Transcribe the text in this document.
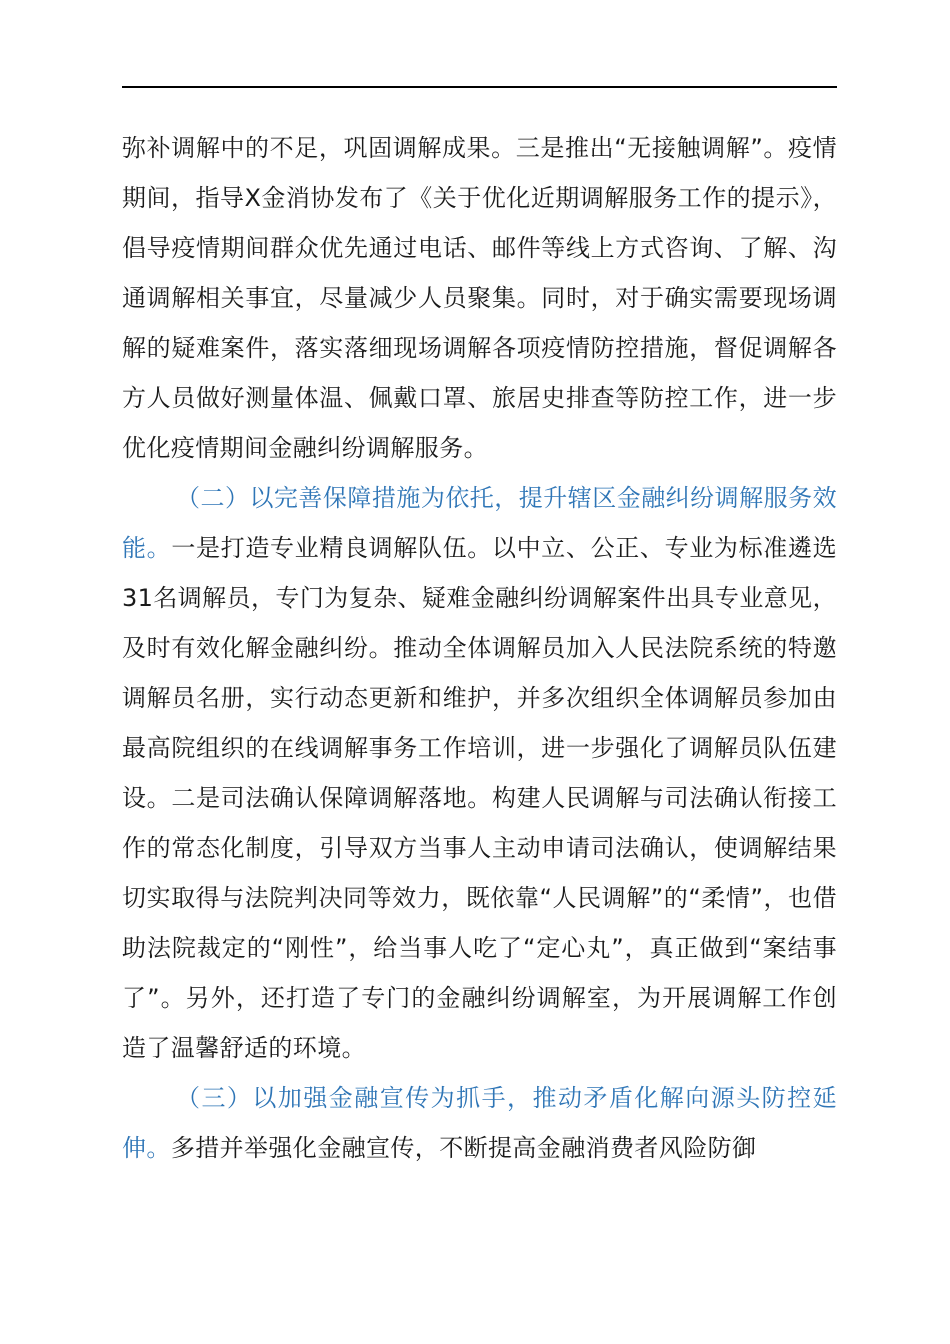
弥补调解中的不足，巩固调解成果。三是推出“无接触调解”。疫情期间，指导X金消协发布了《关于优化近期调解服务工作的提示》，倡导疫情期间群众优先通过电话、邮件等线上方式咨询、了解、沟通调解相关事宜，尽量减少人员聚集。同时，对于确实需要现场调解的疑难案件，落实落细现场调解各项疫情防控措施，督促调解各方人员做好测量体温、佩戴口罩、旅居史排查等防控工作，进一步优化疫情期间金融纠纷调解服务。

（二）以完善保障措施为依托，提升辖区金融纠纷调解服务效能。一是打造专业精良调解队伍。以中立、公正、专业为标准遴选31名调解员，专门为复杂、疑难金融纠纷调解案件出具专业意见，及时有效化解金融纠纷。推动全体调解员加入人民法院系统的特邀调解员名册，实行动态更新和维护，并多次组织全体调解员参加由最高院组织的在线调解事务工作培训，进一步强化了调解员队伍建设。二是司法确认保障调解落地。构建人民调解与司法确认衔接工作的常态化制度，引导双方当事人主动申请司法确认，使调解结果切实取得与法院判决同等效力，既依靠“人民调解”的“柔情”，也借助法院裁定的“刚性”，给当事人吃了“定心丸”，真正做到“案结事了”。另外，还打造了专门的金融纠纷调解室，为开展调解工作创造了温馨舒适的环境。

（三）以加强金融宣传为抓手，推动矛盾化解向源头防控延伸。多措并举强化金融宣传，不断提高金融消费者风险防御
